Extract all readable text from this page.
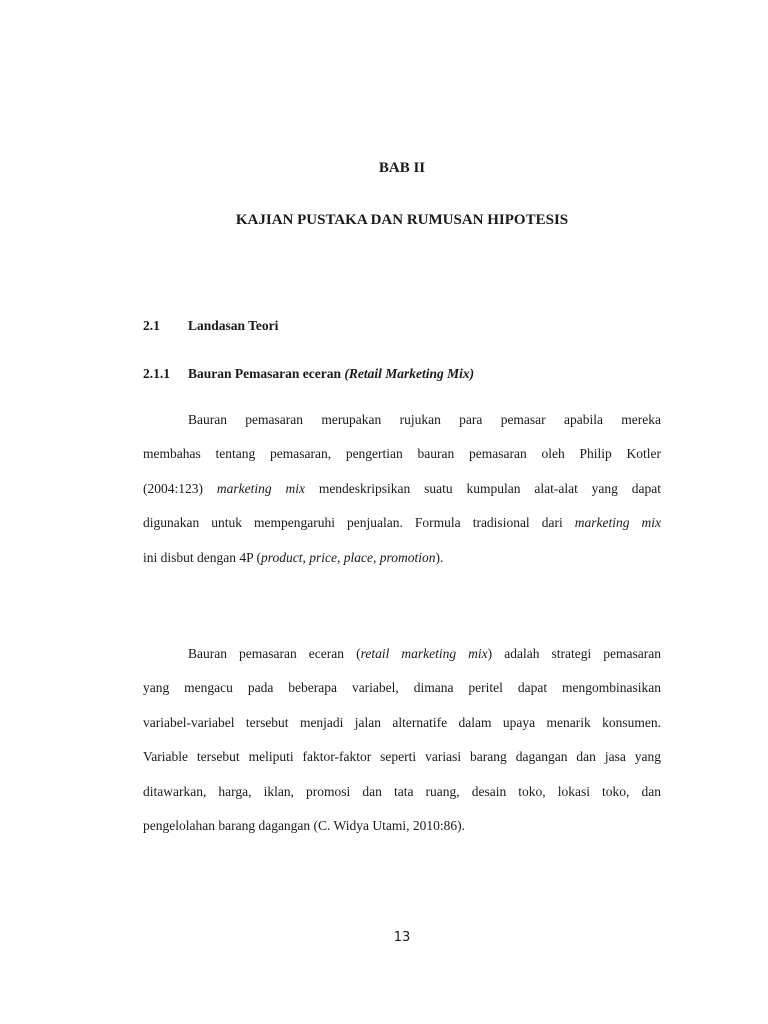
BAB II
KAJIAN PUSTAKA DAN RUMUSAN HIPOTESIS
2.1 Landasan Teori
2.1.1 Bauran Pemasaran eceran (Retail Marketing Mix)
Bauran pemasaran merupakan rujukan para pemasar apabila mereka
membahas tentang pemasaran, pengertian bauran pemasaran oleh Philip Kotler
(2004:123) marketing mix mendeskripsikan suatu kumpulan alat-alat yang dapat
digunakan untuk mempengaruhi penjualan. Formula tradisional dari marketing mix
ini disbut dengan 4P (product, price, place, promotion).
Bauran pemasaran eceran (retail marketing mix) adalah strategi pemasaran
yang mengacu pada beberapa variabel, dimana peritel dapat mengombinasikan
variabel-variabel tersebut menjadi jalan alternatife dalam upaya menarik konsumen.
Variable tersebut meliputi faktor-faktor seperti variasi barang dagangan dan jasa yang
ditawarkan, harga, iklan, promosi dan tata ruang, desain toko, lokasi toko, dan
pengelolahan barang dagangan (C. Widya Utami, 2010:86).
13
